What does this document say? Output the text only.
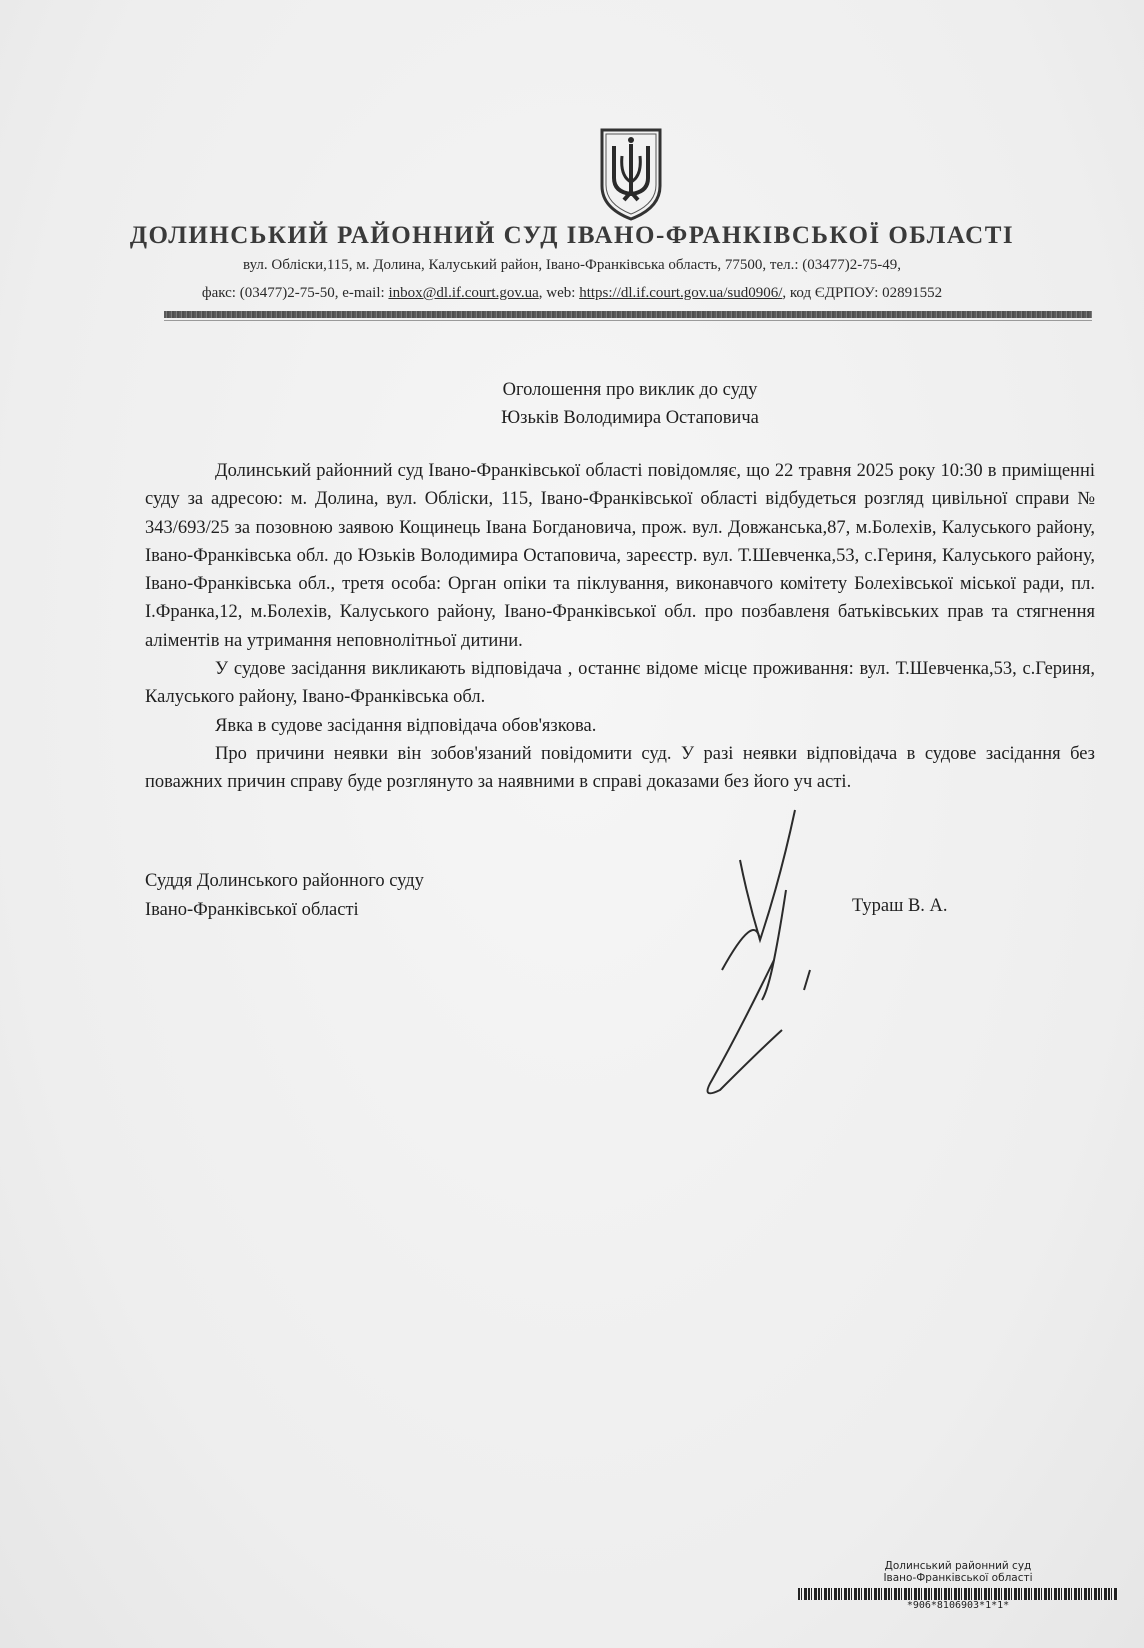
ДОЛИНСЬКИЙ РАЙОННИЙ СУД ІВАНО-ФРАНКІВСЬКОЇ ОБЛАСТІ
вул. Обліски,115, м. Долина, Калуський район, Івано-Франківська область, 77500, тел.: (03477)2-75-49,
факс: (03477)2-75-50, e-mail: inbox@dl.if.court.gov.ua, web: https://dl.if.court.gov.ua/sud0906/, код ЄДРПОУ: 02891552
Оголошення про виклик до суду
Юзьків Володимира Остаповича

Долинський районний суд Івано-Франківської області повідомляє, що 22 травня 2025 року 10:30 в приміщенні суду за адресою: м. Долина, вул. Обліски, 115, Івано-Франківської області відбудеться розгляд цивільної справи № 343/693/25 за позовною заявою Кощинець Івана Богдановича, прож. вул. Довжанська,87, м.Болехів, Калуського району, Івано-Франківська обл. до Юзьків Володимира Остаповича, зареєстр. вул. Т.Шевченка,53, с.Гериня, Калуського району, Івано-Франківська обл., третя особа: Орган опіки та піклування, виконавчого комітету Болехівської міської ради, пл. І.Франка,12, м.Болехів, Калуського району, Івано-Франківської обл. про позбавленя батьківських прав та стягнення аліментів на утримання неповнолітньої дитини.

У судове засідання викликають відповідача , останнє відоме місце проживання: вул. Т.Шевченка,53, с.Гериня, Калуського району, Івано-Франківська обл.

Явка в судове засідання відповідача обов'язкова.

Про причини неявки він зобов'язаний повідомити суд. У разі неявки відповідача в судове засідання без поважних причин справу буде розглянуто за наявними в справі доказами без його уч асті.

Суддя Долинського районного суду
Івано-Франківської області	Тураш В. А.
Долинський районний суд
Івано-Франківської області
*906*8106903*1*1*
